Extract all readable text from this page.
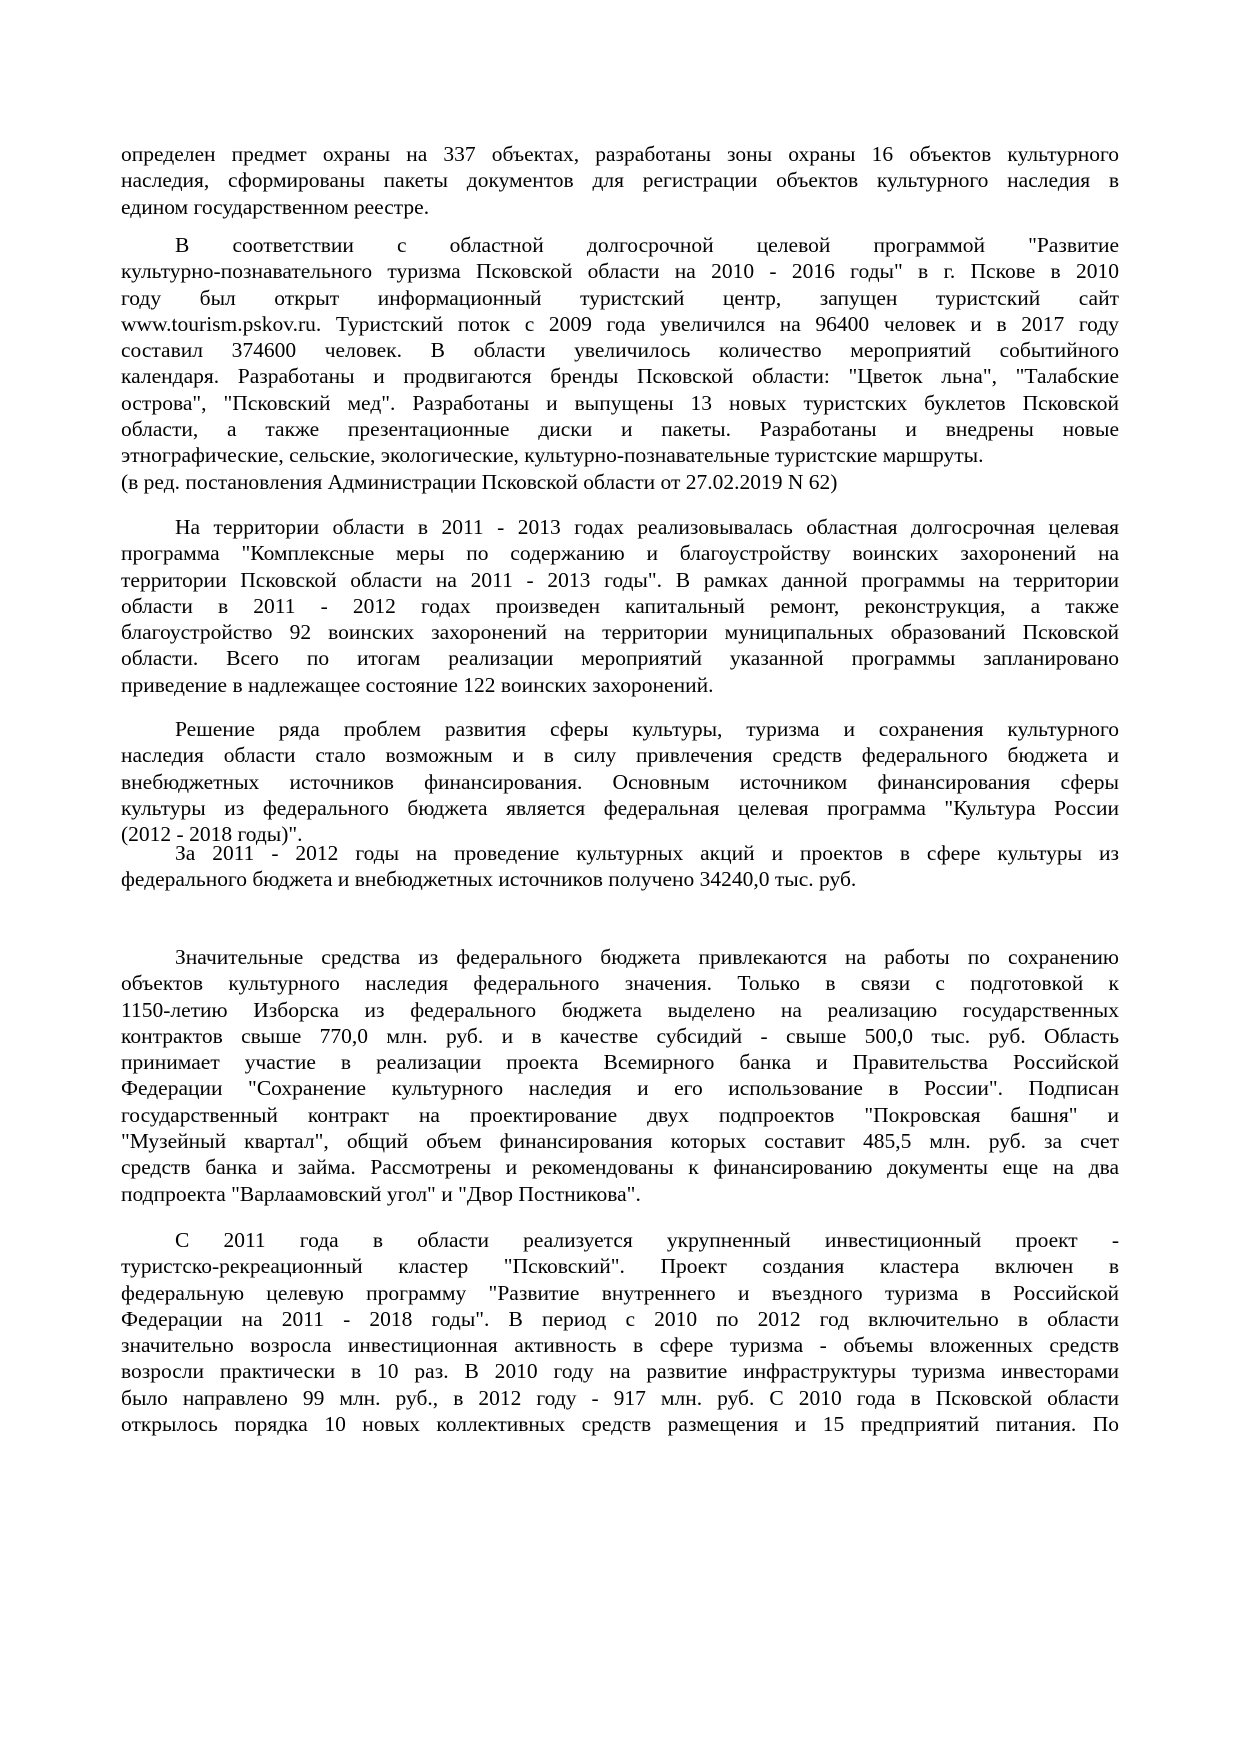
определен предмет охраны на 337 объектах, разработаны зоны охраны 16 объектов культурного
наследия, сформированы пакеты документов для регистрации объектов культурного наследия в
едином государственном реестре.
В соответствии с областной долгосрочной целевой программой "Развитие
культурно-познавательного туризма Псковской области на 2010 - 2016 годы" в г. Пскове в 2010
году был открыт информационный туристский центр, запущен туристский сайт
www.tourism.pskov.ru. Туристский поток с 2009 года увеличился на 96400 человек и в 2017 году
составил 374600 человек. В области увеличилось количество мероприятий событийного
календаря. Разработаны и продвигаются бренды Псковской области: "Цветок льна", "Талабские
острова", "Псковский мед". Разработаны и выпущены 13 новых туристских буклетов Псковской
области, а также презентационные диски и пакеты. Разработаны и внедрены новые
этнографические, сельские, экологические, культурно-познавательные туристские маршруты.
(в ред. постановления Администрации Псковской области от 27.02.2019 N 62)
На территории области в 2011 - 2013 годах реализовывалась областная долгосрочная целевая
программа "Комплексные меры по содержанию и благоустройству воинских захоронений на
территории Псковской области на 2011 - 2013 годы". В рамках данной программы на территории
области в 2011 - 2012 годах произведен капитальный ремонт, реконструкция, а также
благоустройство 92 воинских захоронений на территории муниципальных образований Псковской
области. Всего по итогам реализации мероприятий указанной программы запланировано
приведение в надлежащее состояние 122 воинских захоронений.
Решение ряда проблем развития сферы культуры, туризма и сохранения культурного
наследия области стало возможным и в силу привлечения средств федерального бюджета и
внебюджетных источников финансирования. Основным источником финансирования сферы
культуры из федерального бюджета является федеральная целевая программа "Культура России
(2012 - 2018 годы)".
За 2011 - 2012 годы на проведение культурных акций и проектов в сфере культуры из
федерального бюджета и внебюджетных источников получено 34240,0 тыс. руб.
Значительные средства из федерального бюджета привлекаются на работы по сохранению
объектов культурного наследия федерального значения. Только в связи с подготовкой к
1150-летию Изборска из федерального бюджета выделено на реализацию государственных
контрактов свыше 770,0 млн. руб. и в качестве субсидий - свыше 500,0 тыс. руб. Область
принимает участие в реализации проекта Всемирного банка и Правительства Российской
Федерации "Сохранение культурного наследия и его использование в России". Подписан
государственный контракт на проектирование двух подпроектов "Покровская башня" и
"Музейный квартал", общий объем финансирования которых составит 485,5 млн. руб. за счет
средств банка и займа. Рассмотрены и рекомендованы к финансированию документы еще на два
подпроекта "Варлаамовский угол" и "Двор Постникова".
С 2011 года в области реализуется укрупненный инвестиционный проект -
туристско-рекреационный кластер "Псковский". Проект создания кластера включен в
федеральную целевую программу "Развитие внутреннего и въездного туризма в Российской
Федерации на 2011 - 2018 годы". В период с 2010 по 2012 год включительно в области
значительно возросла инвестиционная активность в сфере туризма - объемы вложенных средств
возросли практически в 10 раз. В 2010 году на развитие инфраструктуры туризма инвесторами
было направлено 99 млн. руб., в 2012 году - 917 млн. руб. С 2010 года в Псковской области
открылось порядка 10 новых коллективных средств размещения и 15 предприятий питания. По
